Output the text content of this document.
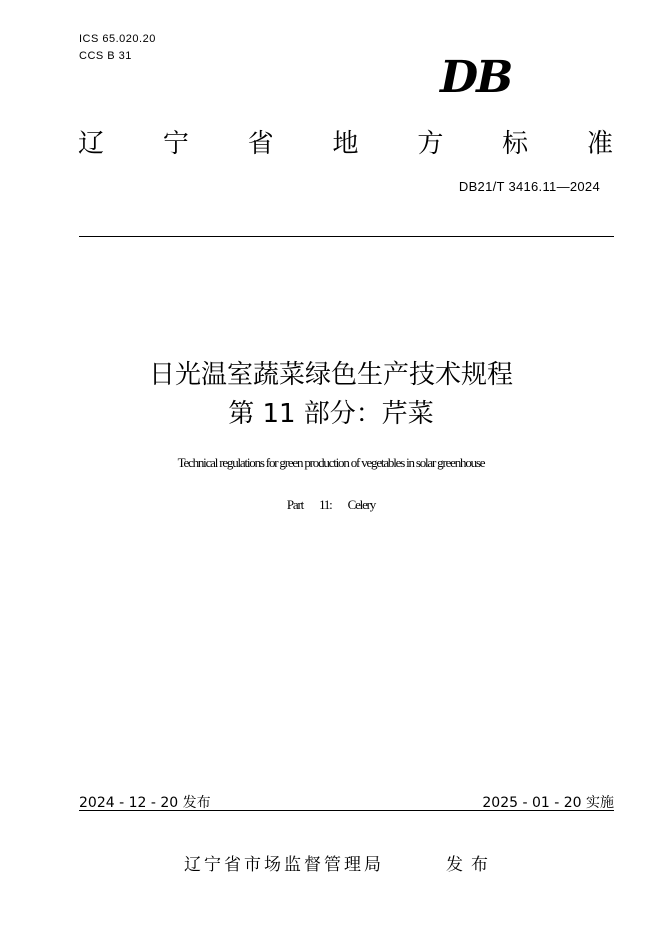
ICS 65.020.20
CCS B 31	DB
辽 宁 省 地 方 标 准
DB21/T 3416.11—2024
日光温室蔬菜绿色生产技术规程
第 11 部分：芹菜
Technical regulations for green production of vegetables in solar greenhouse
Part 11: Celery
2024 - 12 - 20 发布	2025 - 01 - 20 实施
辽宁省市场监督管理局	发布
